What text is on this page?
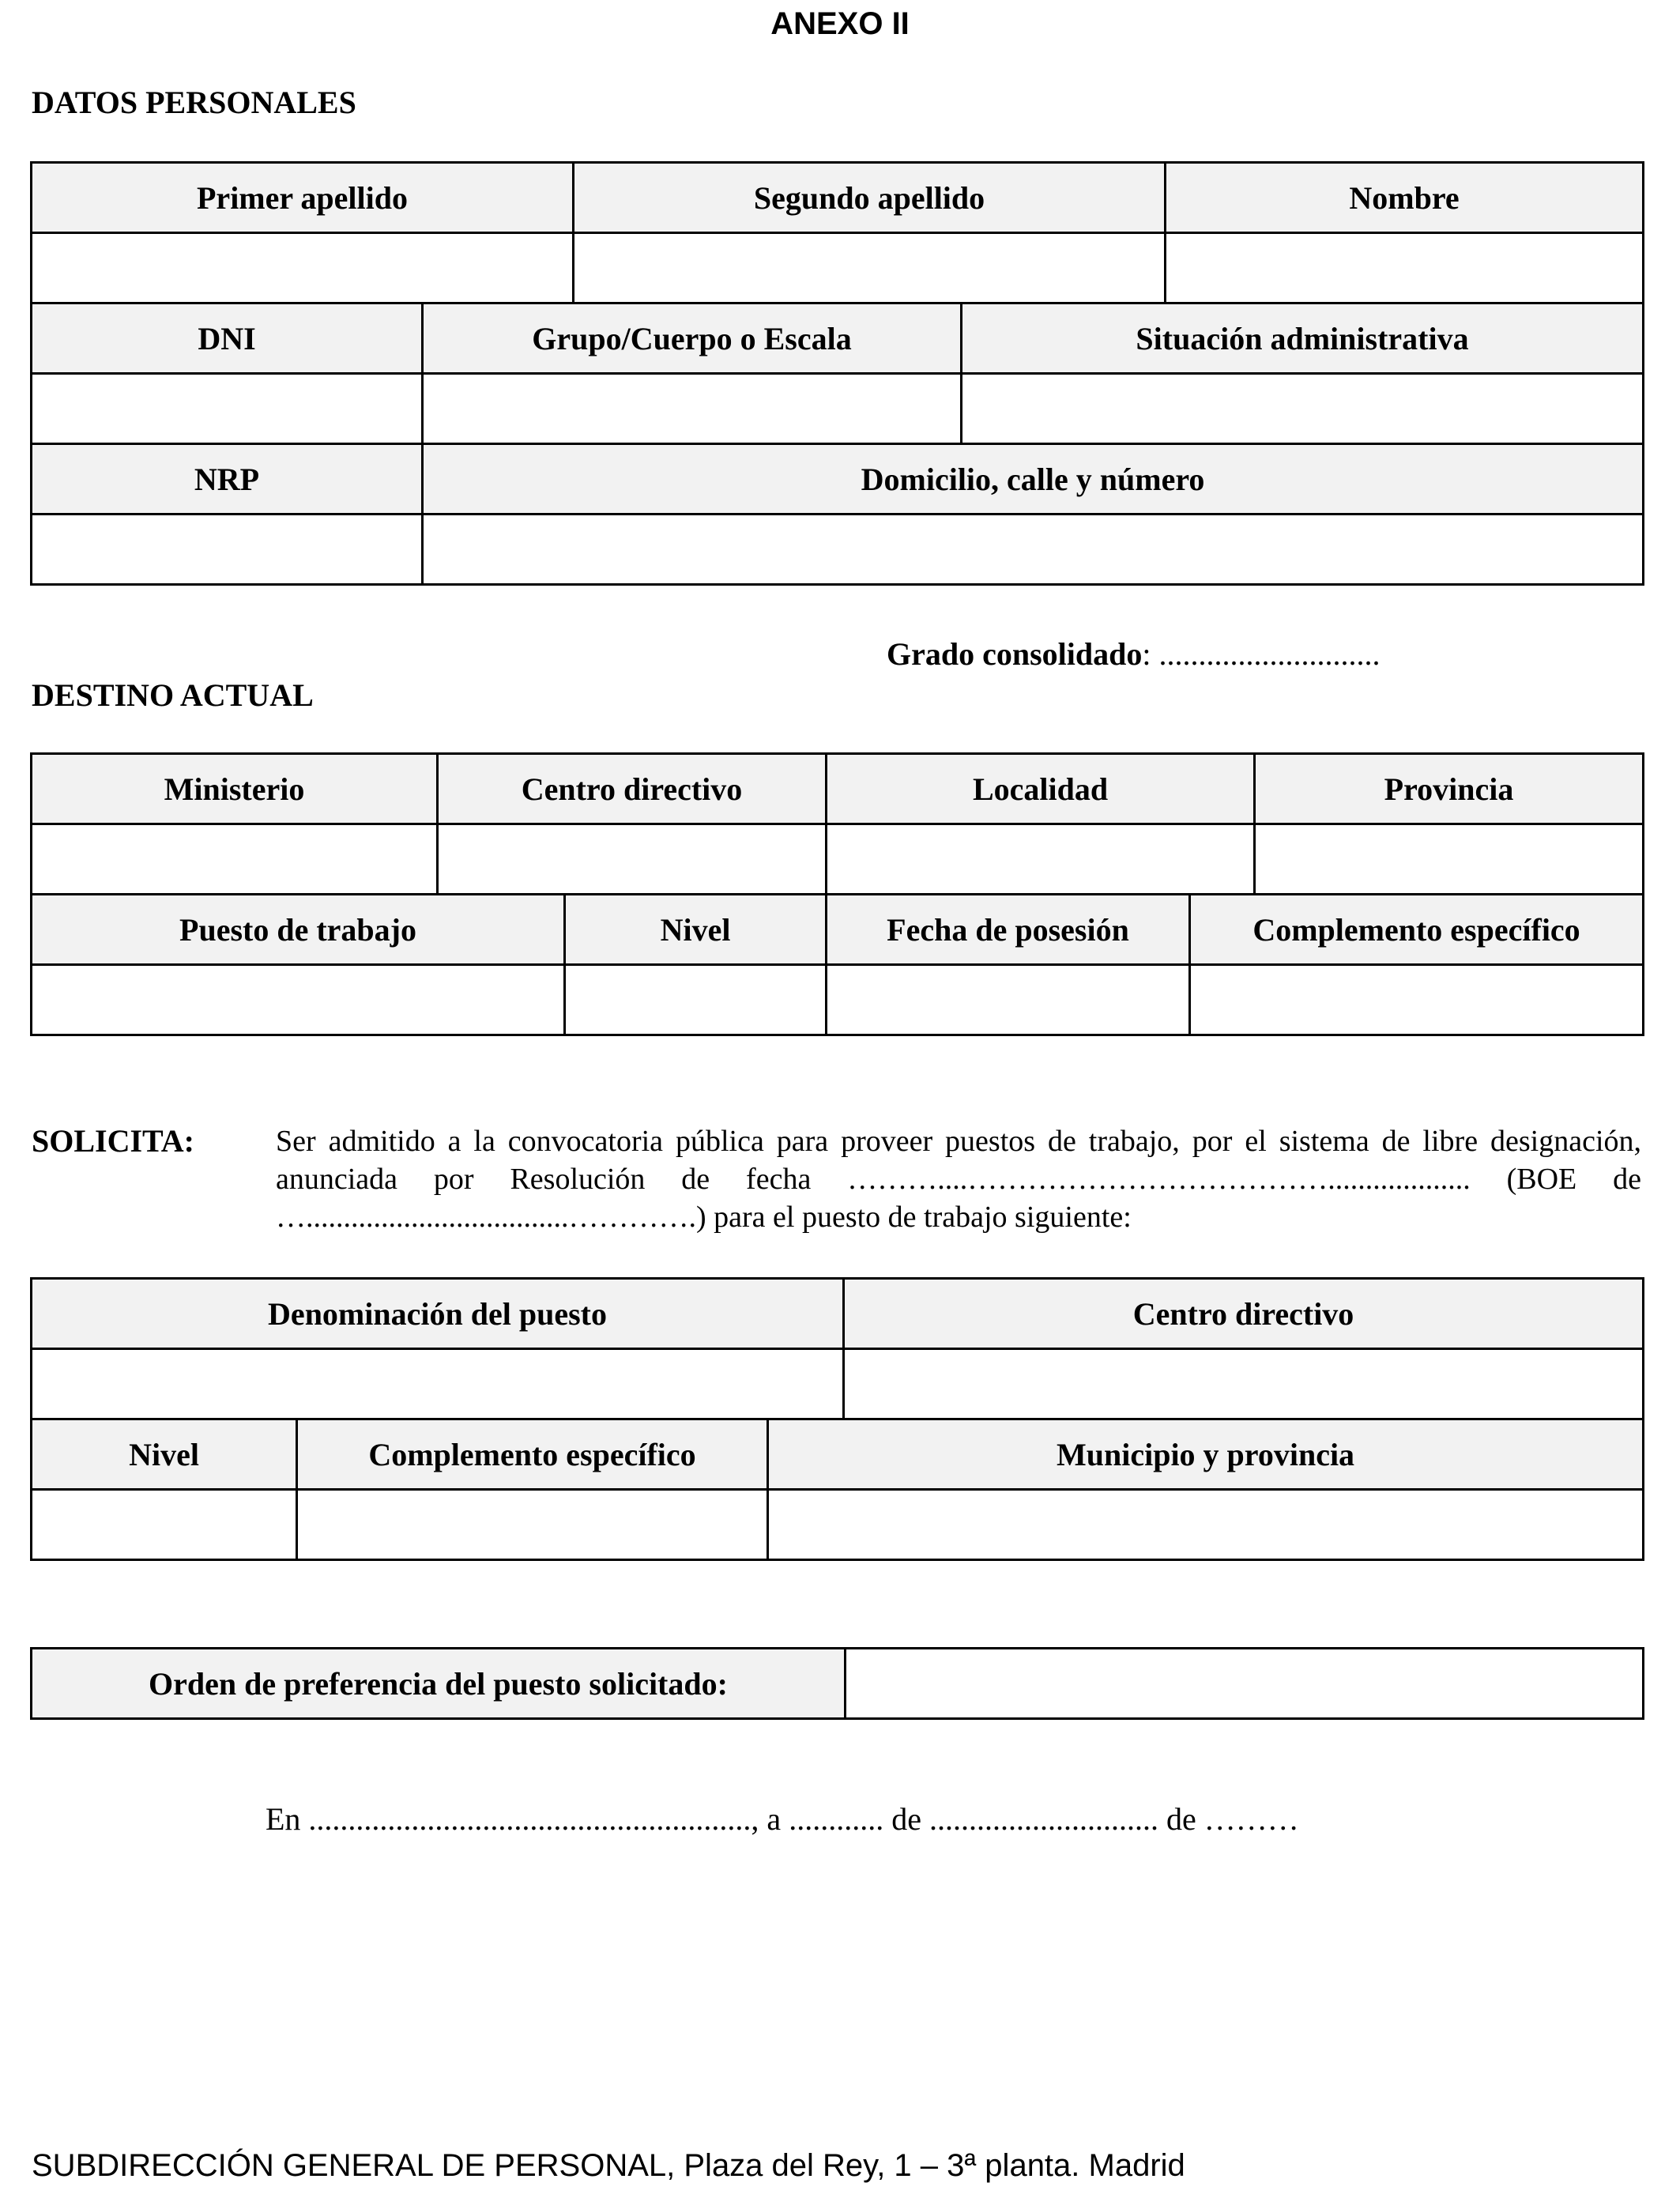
ANEXO II
DATOS PERSONALES
Primer apellido		Segundo apellido		Nombre

DNI	Grupo/Cuerpo o Escala		Situación administrativa	

NRP	Domicilio, calle y número			

Grado consolidado: ............................
DESTINO ACTUAL
Ministerio	Centro directivo		Localidad		Provincia

Puesto de trabajo		Nivel	Fecha de posesión	Complemento específico	

SOLICITA:	Ser admitido a la convocatoria pública para proveer puestos de trabajo, por el sistema de libre designación, anunciada por Resolución de fecha ………....………………………………................... (BOE de …...................................………….) para el puesto de trabajo siguiente:
Denominación del puesto			Centro directivo

Nivel	Complemento específico	Municipio y provincia	

Orden de preferencia del puesto solicitado:	
En ........................................................, a ............ de ............................. de ………
SUBDIRECCIÓN GENERAL DE PERSONAL, Plaza del Rey, 1 – 3ª planta. Madrid
